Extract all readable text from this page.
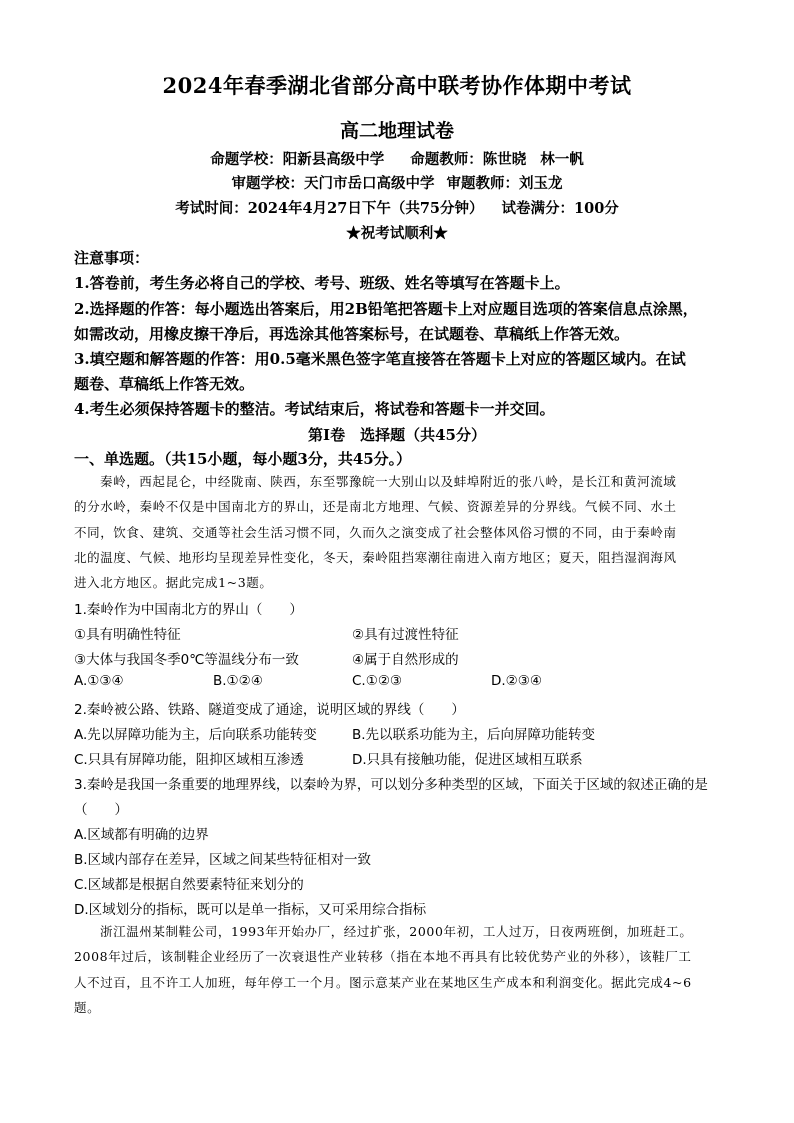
2024年春季湖北省部分高中联考协作体期中考试
高二地理试卷
命题学校：阳新县高级中学 命题教师：陈世晓 林一帆
审题学校：天门市岳口高级中学 审题教师：刘玉龙
考试时间：2024年4月27日下午（共75分钟） 试卷满分：100分
★祝考试顺利★
注意事项：
1.答卷前，考生务必将自己的学校、考号、班级、姓名等填写在答题卡上。
2.选择题的作答：每小题选出答案后，用2B铅笔把答题卡上对应题目选项的答案信息点涂黑，
如需改动，用橡皮擦干净后，再选涂其他答案标号，在试题卷、草稿纸上作答无效。
3.填空题和解答题的作答：用0.5毫米黑色签字笔直接答在答题卡上对应的答题区域内。在试
题卷、草稿纸上作答无效。
4.考生必须保持答题卡的整洁。考试结束后，将试卷和答题卡一并交回。
第Ⅰ卷　选择题（共45分）
一、单选题。（共15小题，每小题3分，共45分。）
秦岭，西起昆仑，中经陇南、陕西，东至鄂豫皖一大别山以及蚌埠附近的张八岭，是长江和黄河流域
的分水岭，秦岭不仅是中国南北方的界山，还是南北方地理、气候、资源差异的分界线。气候不同、水土
不同，饮食、建筑、交通等社会生活习惯不同，久而久之演变成了社会整体风俗习惯的不同，由于秦岭南
北的温度、气候、地形均呈现差异性变化，冬天，秦岭阻挡寒潮往南进入南方地区；夏天，阻挡湿润海风
进入北方地区。据此完成1~3题。
1.秦岭作为中国南北方的界山（　　）
①具有明确性特征	②具有过渡性特征
③大体与我国冬季0℃等温线分布一致	④属于自然形成的
A.①③④	B.①②④	C.①②③	D.②③④
2.秦岭被公路、铁路、隧道变成了通途，说明区域的界线（　　）
A.先以屏障功能为主，后向联系功能转变	B.先以联系功能为主，后向屏障功能转变
C.只具有屏障功能，阻抑区域相互渗透	D.只具有接触功能，促进区域相互联系
3.秦岭是我国一条重要的地理界线，以秦岭为界，可以划分多种类型的区域，下面关于区域的叙述正确的是
（　　）
A.区域都有明确的边界
B.区域内部存在差异，区域之间某些特征相对一致
C.区域都是根据自然要素特征来划分的
D.区域划分的指标，既可以是单一指标，又可采用综合指标
浙江温州某制鞋公司，1993年开始办厂，经过扩张，2000年初，工人过万，日夜两班倒，加班赶工。
2008年过后，该制鞋企业经历了一次衰退性产业转移（指在本地不再具有比较优势产业的外移），该鞋厂工
人不过百，且不许工人加班，每年停工一个月。图示意某产业在某地区生产成本和利润变化。据此完成4~6
题。
